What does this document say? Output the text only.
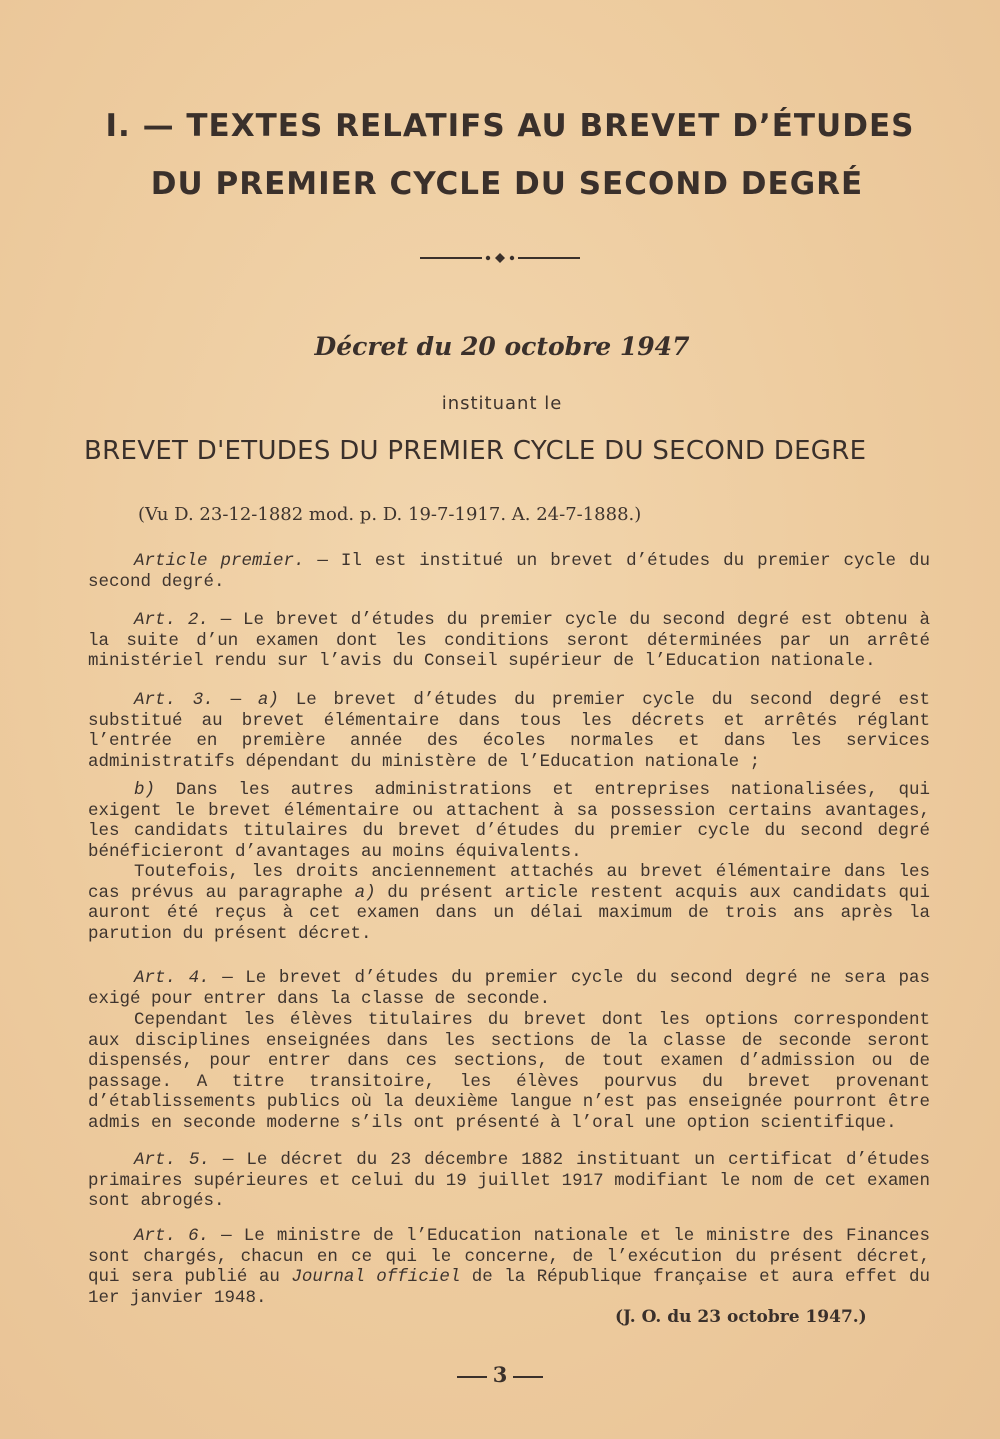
I. — TEXTES RELATIFS AU BREVET D’ÉTUDES
DU PREMIER CYCLE DU SECOND DEGRÉ
Décret du 20 octobre 1947
instituant le
BREVET D'ETUDES DU PREMIER CYCLE DU SECOND DEGRE
(Vu D. 23-12-1882 mod. p. D. 19-7-1917. A. 24-7-1888.)

Article premier. — Il est institué un brevet d’études du premier cycle du second degré.

Art. 2. — Le brevet d’études du premier cycle du second degré est obtenu à la suite d’un examen dont les conditions seront déterminées par un arrêté ministériel rendu sur l’avis du Conseil supérieur de l’Education nationale.

Art. 3. — a) Le brevet d’études du premier cycle du second degré est substitué au brevet élémentaire dans tous les décrets et arrêtés réglant l’entrée en première année des écoles normales et dans les services administratifs dépendant du ministère de l’Education nationale ;

b) Dans les autres administrations et entreprises nationalisées, qui exigent le brevet élémentaire ou attachent à sa possession certains avantages, les candidats titulaires du brevet d’études du premier cycle du second degré bénéficieront d’avantages au moins équivalents.

Toutefois, les droits anciennement attachés au brevet élémentaire dans les cas prévus au paragraphe a) du présent article restent acquis aux candidats qui auront été reçus à cet examen dans un délai maximum de trois ans après la parution du présent décret.

Art. 4. — Le brevet d’études du premier cycle du second degré ne sera pas exigé pour entrer dans la classe de seconde.

Cependant les élèves titulaires du brevet dont les options correspondent aux disciplines enseignées dans les sections de la classe de seconde seront dispensés, pour entrer dans ces sections, de tout examen d’admission ou de passage. A titre transitoire, les élèves pourvus du brevet provenant d’établissements publics où la deuxième langue n’est pas enseignée pourront être admis en seconde moderne s’ils ont présenté à l’oral une option scientifique.

Art. 5. — Le décret du 23 décembre 1882 instituant un certificat d’études primaires supérieures et celui du 19 juillet 1917 modifiant le nom de cet examen sont abrogés.

Art. 6. — Le ministre de l’Education nationale et le ministre des Finances sont chargés, chacun en ce qui le concerne, de l’exécution du présent décret, qui sera publié au Journal officiel de la République française et aura effet du 1er janvier 1948.

(J. O. du 23 octobre 1947.)
3
